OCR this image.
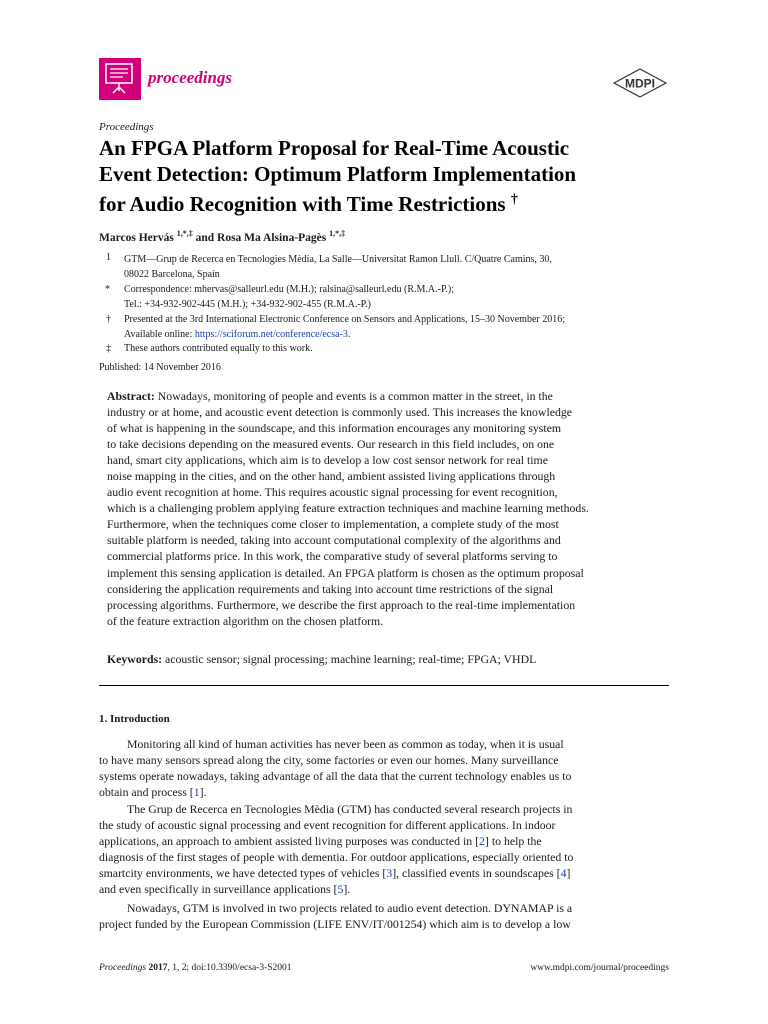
proceedings	MDPI
Proceedings
An FPGA Platform Proposal for Real-Time Acoustic
Event Detection: Optimum Platform Implementation
for Audio Recognition with Time Restrictions †
Marcos Hervás $^{1,*,\ddagger}$ and Rosa Ma Alsina-Pagès $^{1,*,\ddagger}$
1	GTM—Grup de Recerca en Tecnologies Mèdia, La Salle—Universitat Ramon Llull. C/Quatre Camins, 30,
08022 Barcelona, Spain
*	Correspondence: mhervas@salleurl.edu (M.H.); ralsina@salleurl.edu (R.M.A.-P.);
Tel.: +34-932-902-445 (M.H.); +34-932-902-455 (R.M.A.-P.)
†	Presented at the 3rd International Electronic Conference on Sensors and Applications, 15–30 November 2016;
Available online: https://sciforum.net/conference/ecsa-3.
‡	These authors contributed equally to this work.
Published: 14 November 2016
Abstract: Nowadays, monitoring of people and events is a common matter in the street, in the
industry or at home, and acoustic event detection is commonly used. This increases the knowledge
of what is happening in the soundscape, and this information encourages any monitoring system
to take decisions depending on the measured events. Our research in this field includes, on one
hand, smart city applications, which aim is to develop a low cost sensor network for real time
noise mapping in the cities, and on the other hand, ambient assisted living applications through
audio event recognition at home. This requires acoustic signal processing for event recognition,
which is a challenging problem applying feature extraction techniques and machine learning methods.
Furthermore, when the techniques come closer to implementation, a complete study of the most
suitable platform is needed, taking into account computational complexity of the algorithms and
commercial platforms price. In this work, the comparative study of several platforms serving to
implement this sensing application is detailed. An FPGA platform is chosen as the optimum proposal
considering the application requirements and taking into account time restrictions of the signal
processing algorithms. Furthermore, we describe the first approach to the real-time implementation
of the feature extraction algorithm on the chosen platform.
Keywords: acoustic sensor; signal processing; machine learning; real-time; FPGA; VHDL
1. Introduction
Monitoring all kind of human activities has never been as common as today, when it is usual
to have many sensors spread along the city, some factories or even our homes. Many surveillance
systems operate nowadays, taking advantage of all the data that the current technology enables us to
obtain and process [1].
The Grup de Recerca en Tecnologies Mèdia (GTM) has conducted several research projects in
the study of acoustic signal processing and event recognition for different applications. In indoor
applications, an approach to ambient assisted living purposes was conducted in [2] to help the
diagnosis of the first stages of people with dementia. For outdoor applications, especially oriented to
smartcity environments, we have detected types of vehicles [3], classified events in soundscapes [4]
and even specifically in surveillance applications [5].
Nowadays, GTM is involved in two projects related to audio event detection. DYNAMAP is a
project funded by the European Commission (LIFE ENV/IT/001254) which aim is to develop a low
Proceedings 2017, 1, 2; doi:10.3390/ecsa-3-S2001	www.mdpi.com/journal/proceedings
